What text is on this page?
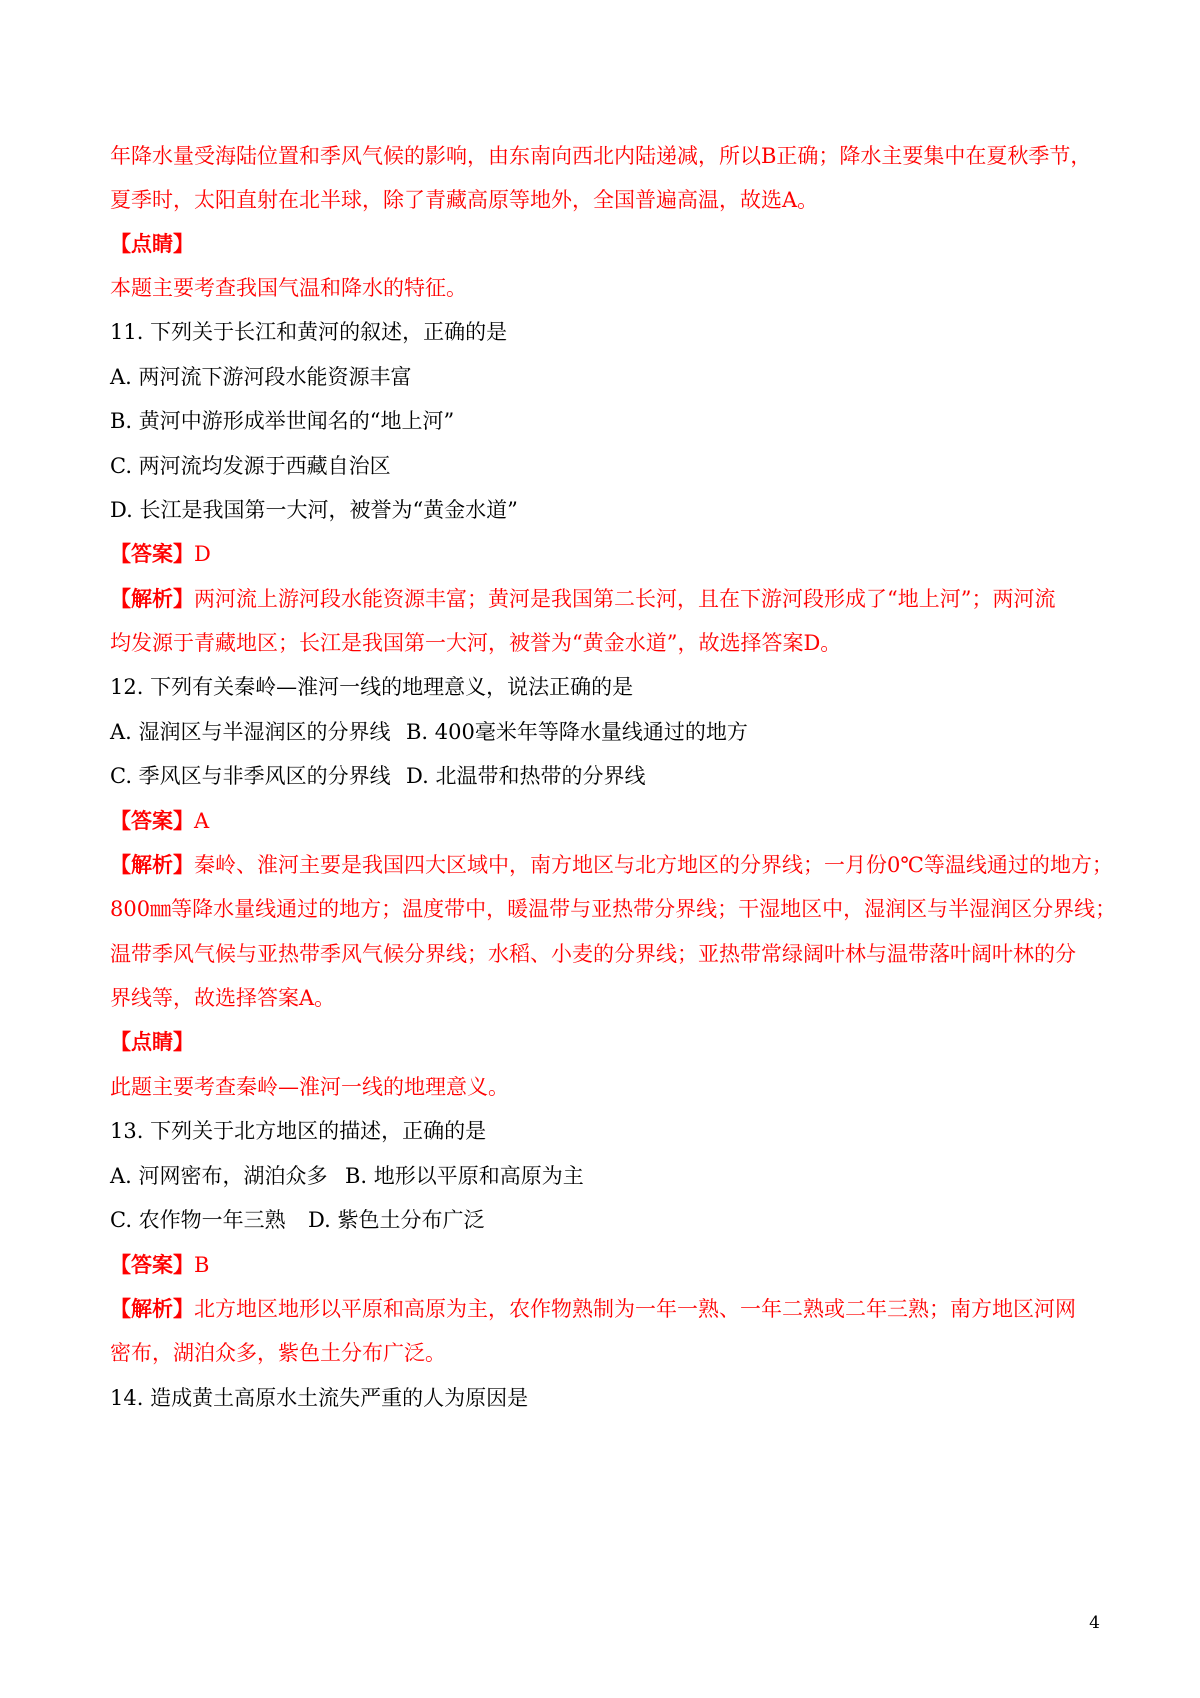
年降水量受海陆位置和季风气候的影响，由东南向西北内陆递减，所以B正确；降水主要集中在夏秋季节，
夏季时，太阳直射在北半球，除了青藏高原等地外，全国普遍高温，故选A。
【点睛】
本题主要考查我国气温和降水的特征。
11. 下列关于长江和黄河的叙述，正确的是
A. 两河流下游河段水能资源丰富
B. 黄河中游形成举世闻名的“地上河”
C. 两河流均发源于西藏自治区
D. 长江是我国第一大河，被誉为“黄金水道”
【答案】D
【解析】两河流上游河段水能资源丰富；黄河是我国第二长河，且在下游河段形成了“地上河”；两河流
均发源于青藏地区；长江是我国第一大河，被誉为“黄金水道”，故选择答案D。
12. 下列有关秦岭—淮河一线的地理意义，说法正确的是
A. 湿润区与半湿润区的分界线 B. 400毫米年等降水量线通过的地方
C. 季风区与非季风区的分界线 D. 北温带和热带的分界线
【答案】A
【解析】秦岭、淮河主要是我国四大区域中，南方地区与北方地区的分界线；一月份0℃等温线通过的地方；
800㎜等降水量线通过的地方；温度带中，暖温带与亚热带分界线；干湿地区中，湿润区与半湿润区分界线；
温带季风气候与亚热带季风气候分界线；水稻、小麦的分界线；亚热带常绿阔叶林与温带落叶阔叶林的分
界线等，故选择答案A。
【点睛】
此题主要考查秦岭—淮河一线的地理意义。
13. 下列关于北方地区的描述，正确的是
A. 河网密布，湖泊众多 B. 地形以平原和高原为主
C. 农作物一年三熟 D. 紫色土分布广泛
【答案】B
【解析】北方地区地形以平原和高原为主，农作物熟制为一年一熟、一年二熟或二年三熟；南方地区河网
密布，湖泊众多，紫色土分布广泛。
14. 造成黄土高原水土流失严重的人为原因是
4
